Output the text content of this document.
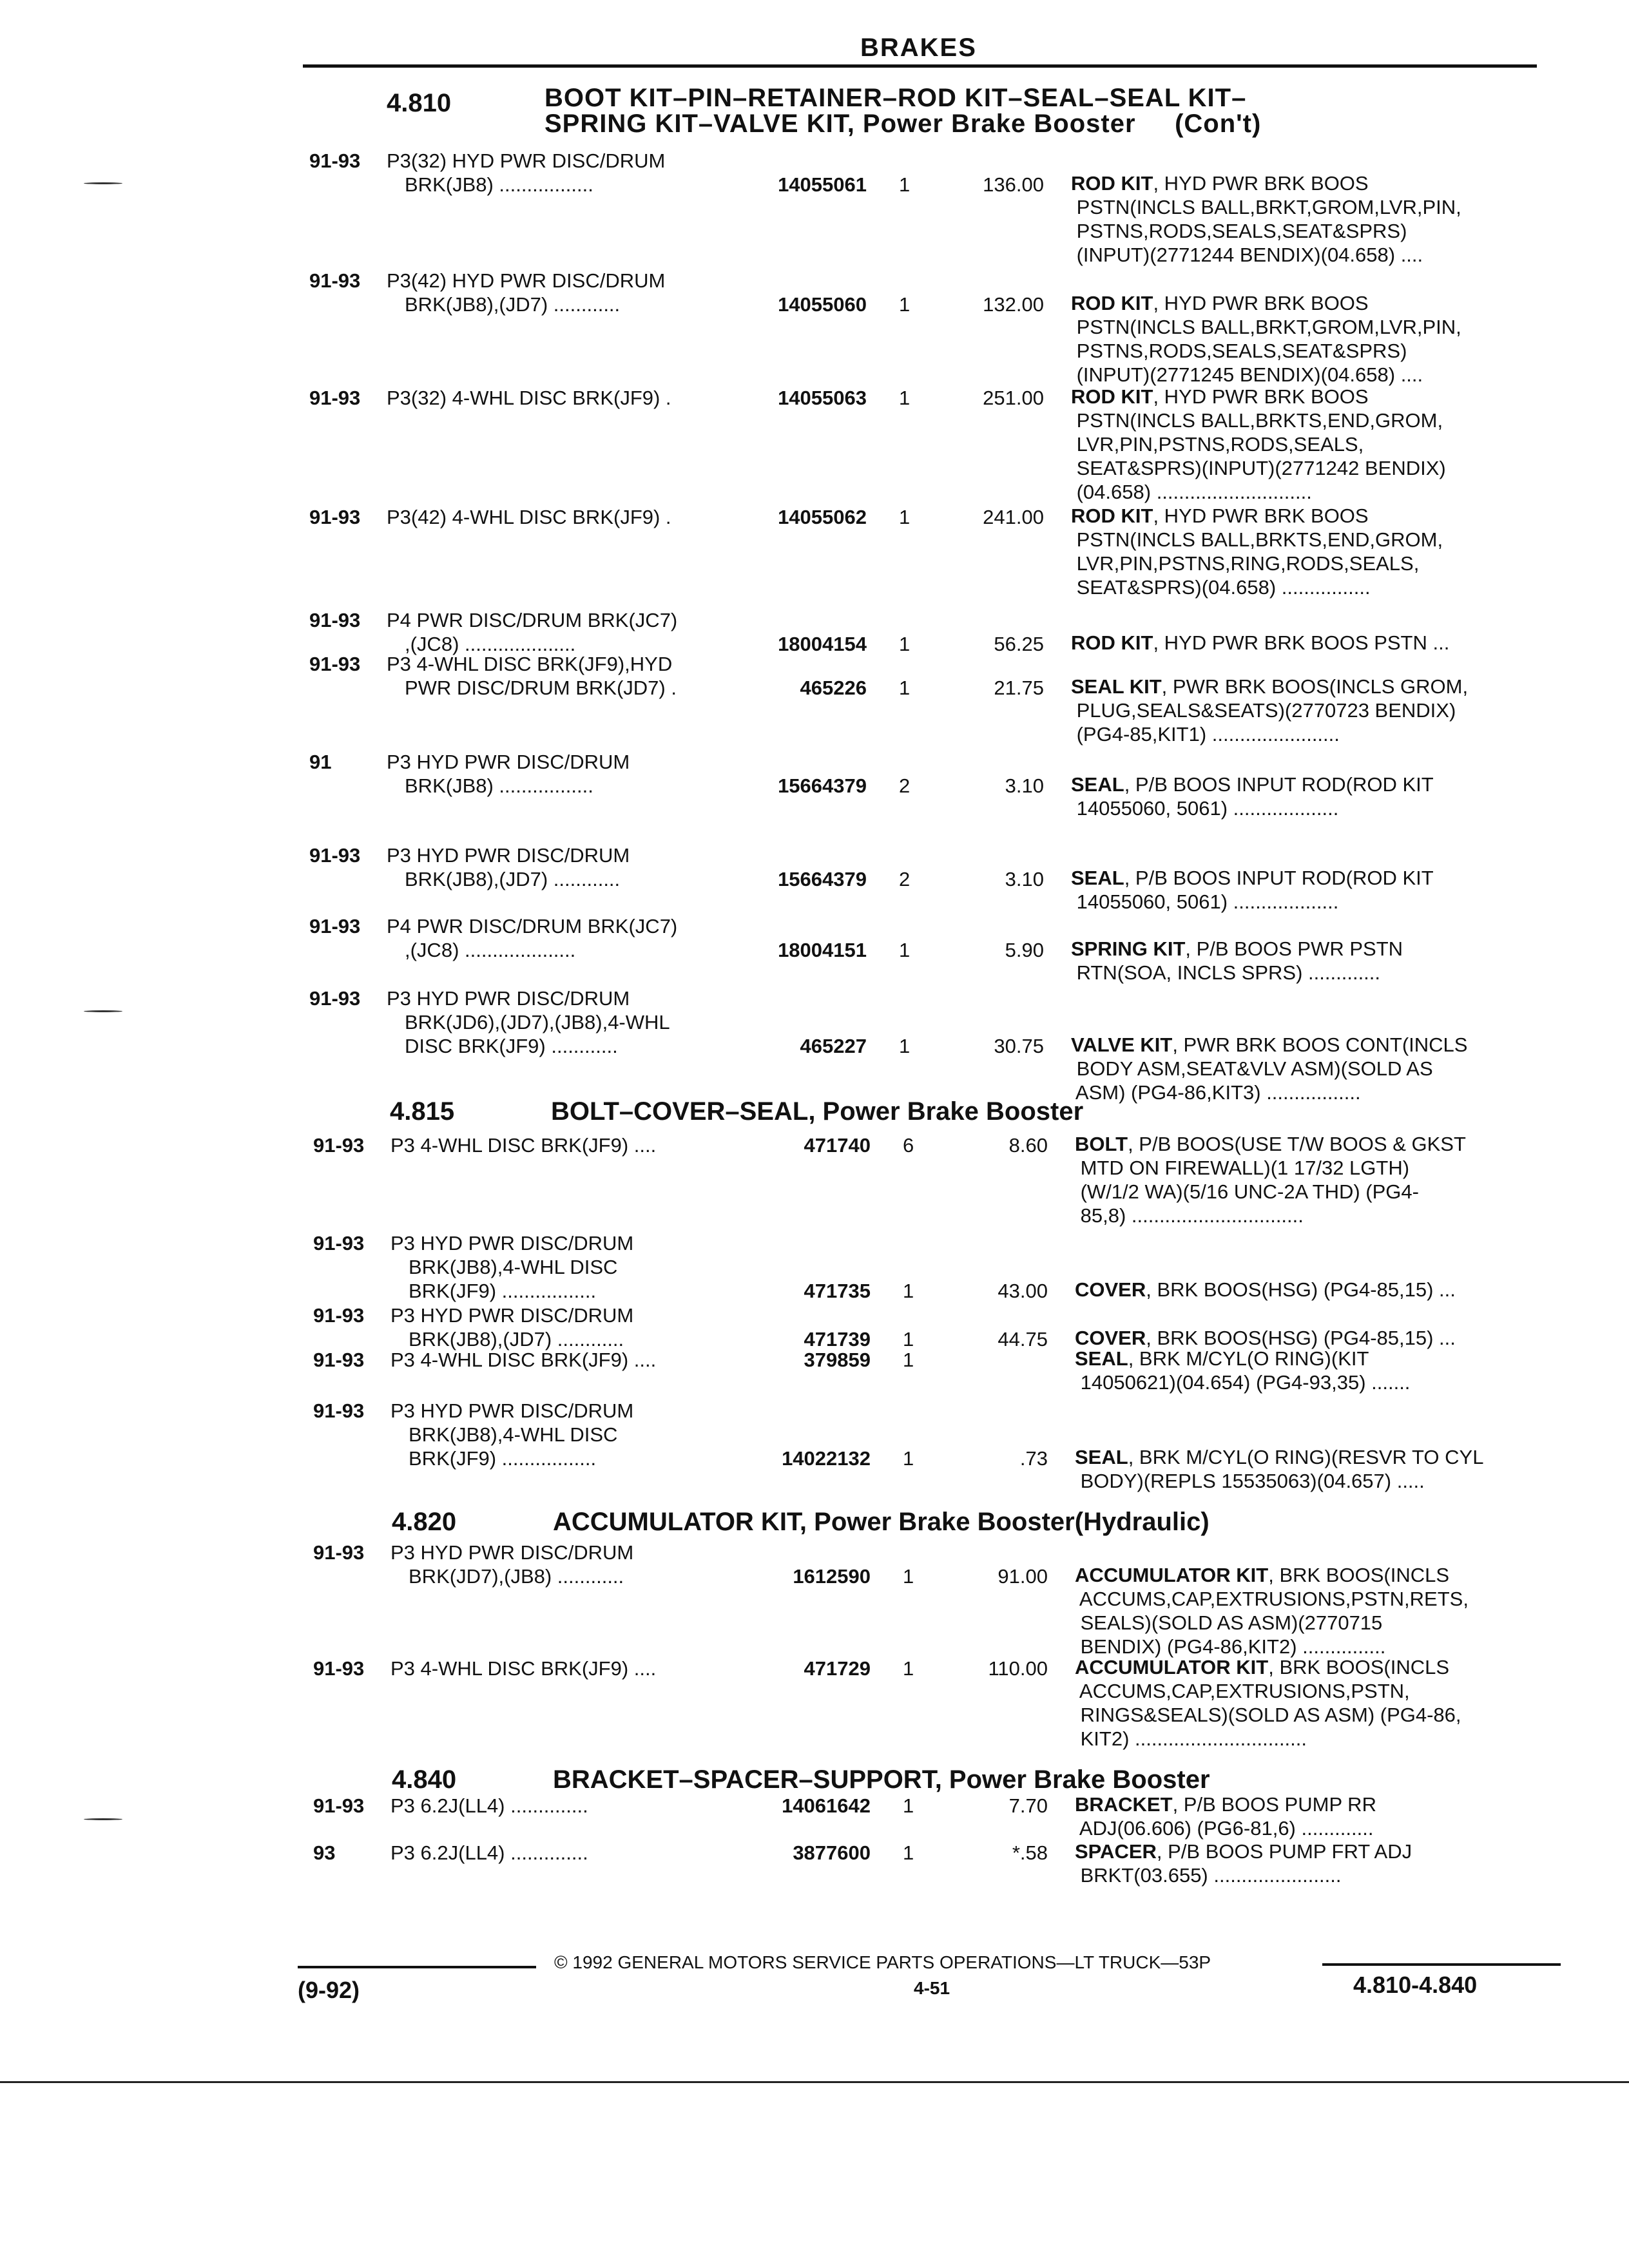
BRAKES
4.810	BOOT KIT–PIN–RETAINER–ROD KIT–SEAL–SEAL KIT–
SPRING KIT–VALVE KIT, Power Brake Booster     (Con't)
91-93 P3(32) HYD PWR DISC/DRUM
BRK(JB8) .................	14055061 1	136.00 ROD KIT, HYD PWR BRK BOOS
PSTN(INCLS BALL,BRKT,GROM,LVR,PIN,
PSTNS,RODS,SEALS,SEAT&SPRS)
(INPUT)(2771244 BENDIX)(04.658) ....
91-93 P3(42) HYD PWR DISC/DRUM
BRK(JB8),(JD7) ............	14055060 1	132.00 ROD KIT, HYD PWR BRK BOOS
PSTN(INCLS BALL,BRKT,GROM,LVR,PIN,
PSTNS,RODS,SEALS,SEAT&SPRS)
(INPUT)(2771245 BENDIX)(04.658) ....
91-93 P3(32) 4-WHL DISC BRK(JF9) .	14055063 1	251.00 ROD KIT, HYD PWR BRK BOOS
PSTN(INCLS BALL,BRKTS,END,GROM,
LVR,PIN,PSTNS,RODS,SEALS,
SEAT&SPRS)(INPUT)(2771242 BENDIX)
(04.658) ............................
91-93 P3(42) 4-WHL DISC BRK(JF9) .	14055062 1	241.00 ROD KIT, HYD PWR BRK BOOS
PSTN(INCLS BALL,BRKTS,END,GROM,
LVR,PIN,PSTNS,RING,RODS,SEALS,
SEAT&SPRS)(04.658) ................
91-93 P4 PWR DISC/DRUM BRK(JC7)
,(JC8) ....................	18004154 1	56.25 ROD KIT, HYD PWR BRK BOOS PSTN ...
91-93 P3 4-WHL DISC BRK(JF9),HYD
PWR DISC/DRUM BRK(JD7) .	465226 1	21.75 SEAL KIT, PWR BRK BOOS(INCLS GROM,
PLUG,SEALS&SEATS)(2770723 BENDIX)
(PG4-85,KIT1) .......................
91	P3 HYD PWR DISC/DRUM
BRK(JB8) .................	15664379 2	3.10 SEAL, P/B BOOS INPUT ROD(ROD KIT
14055060, 5061) ...................
91-93 P3 HYD PWR DISC/DRUM
BRK(JB8),(JD7) ............	15664379 2	3.10 SEAL, P/B BOOS INPUT ROD(ROD KIT
14055060, 5061) ...................
91-93 P4 PWR DISC/DRUM BRK(JC7)
,(JC8) ....................	18004151 1	5.90 SPRING KIT, P/B BOOS PWR PSTN
RTN(SOA, INCLS SPRS) .............
91-93 P3 HYD PWR DISC/DRUM
BRK(JD6),(JD7),(JB8),4-WHL
DISC BRK(JF9) ............	465227 1	30.75 VALVE KIT, PWR BRK BOOS CONT(INCLS
BODY ASM,SEAT&VLV ASM)(SOLD AS
ASM) (PG4-86,KIT3) .................
91-93 P3 4-WHL DISC BRK(JF9) ....	471740 6	8.60 BOLT, P/B BOOS(USE T/W BOOS & GKST
MTD ON FIREWALL)(1 17/32 LGTH)
(W/1/2 WA)(5/16 UNC-2A THD) (PG4-
85,8) ...............................
91-93 P3 HYD PWR DISC/DRUM
BRK(JB8),4-WHL DISC
BRK(JF9) .................	471735 1	43.00 COVER, BRK BOOS(HSG) (PG4-85,15) ...
91-93 P3 HYD PWR DISC/DRUM
BRK(JB8),(JD7) ............	471739 1	44.75 COVER, BRK BOOS(HSG) (PG4-85,15) ...
91-93 P3 4-WHL DISC BRK(JF9) ....	379859 1	SEAL, BRK M/CYL(O RING)(KIT
14050621)(04.654) (PG4-93,35) .......
91-93 P3 HYD PWR DISC/DRUM
BRK(JB8),4-WHL DISC
BRK(JF9) .................	14022132 1	.73 SEAL, BRK M/CYL(O RING)(RESVR TO CYL
BODY)(REPLS 15535063)(04.657) .....
91-93 P3 HYD PWR DISC/DRUM
BRK(JD7),(JB8) ............	1612590 1	91.00 ACCUMULATOR KIT, BRK BOOS(INCLS
ACCUMS,CAP,EXTRUSIONS,PSTN,RETS,
SEALS)(SOLD AS ASM)(2770715
BENDIX) (PG4-86,KIT2) ...............
91-93 P3 4-WHL DISC BRK(JF9) ....	471729 1	110.00 ACCUMULATOR KIT, BRK BOOS(INCLS
ACCUMS,CAP,EXTRUSIONS,PSTN,
RINGS&SEALS)(SOLD AS ASM) (PG4-86,
KIT2) ...............................
91-93 P3 6.2J(LL4) ..............	14061642 1	7.70 BRACKET, P/B BOOS PUMP RR
ADJ(06.606) (PG6-81,6) .............
93	P3 6.2J(LL4) ..............	3877600 1	*.58 SPACER, P/B BOOS PUMP FRT ADJ
BRKT(03.655) .......................
4.815	BOLT–COVER–SEAL, Power Brake Booster
4.820	ACCUMULATOR KIT, Power Brake Booster(Hydraulic)
4.840	BRACKET–SPACER–SUPPORT, Power Brake Booster
© 1992 GENERAL MOTORS SERVICE PARTS OPERATIONS—LT TRUCK—53P
(9-92)	4-51	4.810-4.840
